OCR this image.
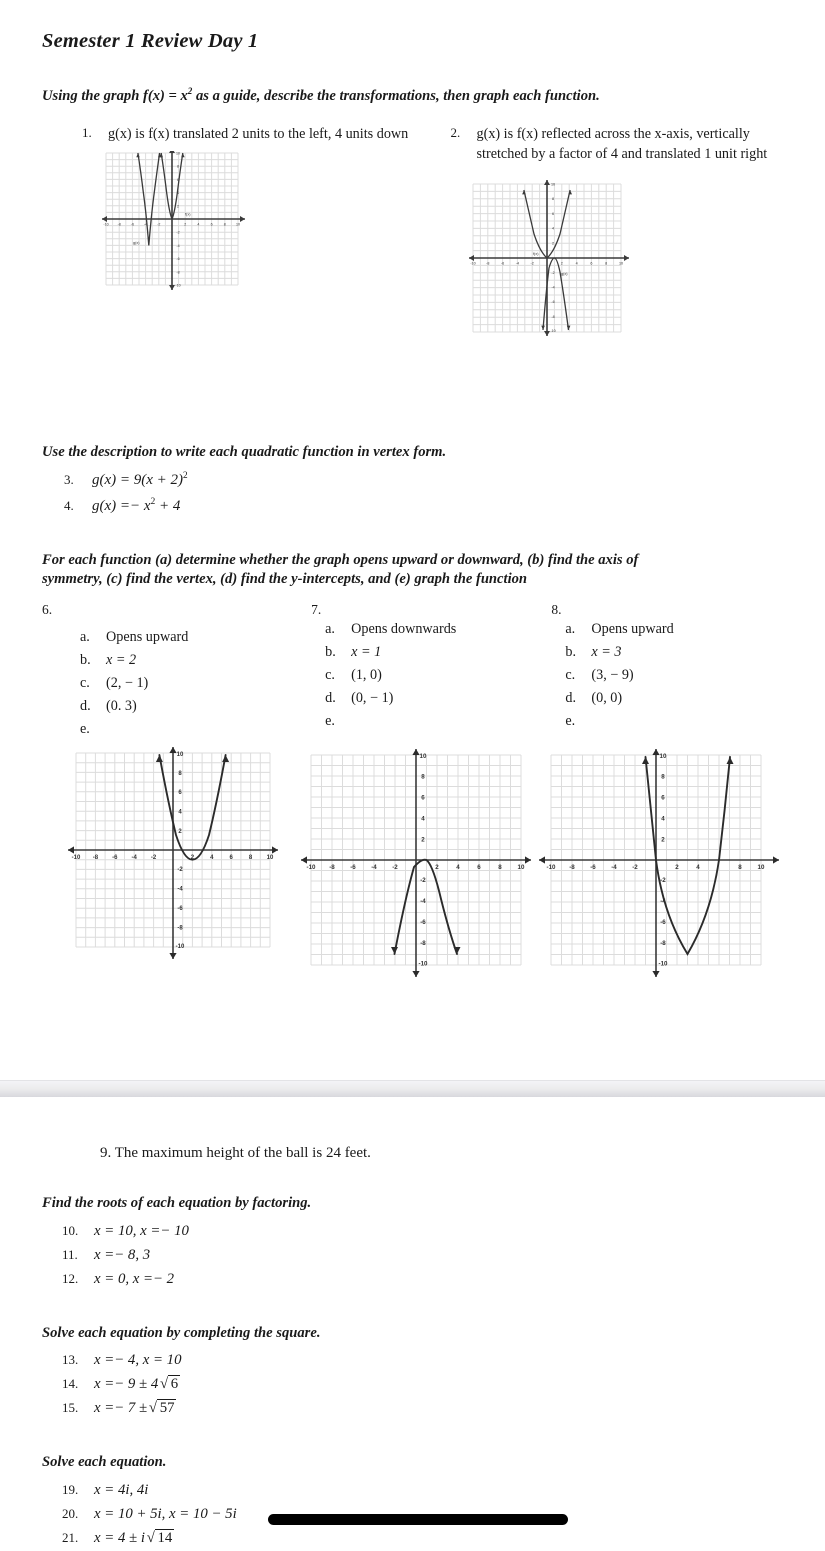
Semester 1 Review Day 1

Using the graph $f(x) = x^2$ as a guide, describe the transformations, then graph each function.

1.	g(x) is f(x) translated 2 units to the left, 4 units down
-10 -8	-6	-4	-2	2	4	6	8	10
10
8
6
4
2
-2
-4
-6
-8
-10
f(x)
g(x)
2.	g(x) is f(x) reflected across the x-axis, vertically stretched by a factor of 4 and translated 1 unit right
-10	-8	-6	-4	-2	2	4	6	8	10
10
8
6
4
2
-2
-4
-6
-8
-10
f(x)
g(x)

Use the description to write each quadratic function in vertex form.

3.	$g(x) = 9(x + 2)^2$
4.	$g(x) =- x^2 + 4$

For each function (a) determine whether the graph opens upward or downward, (b) find the axis of

symmetry, (c) find the vertex, (d) find the y-intercepts, and (e) graph the function

6.
a.	Opens upward
b.	x = 2
c.	(2, − 1)
d.	(0. 3)
e.
-10 -8 -6 -4 -2	2	4	6	8 10
10
8
6
4
2
-2
-4
-6
-8
-10
7.
a.	Opens downwards
b.	x = 1
c.	(1, 0)
d.	(0, − 1)
e.
-10 -8 -6 -4 -2	2	4	6	8	10
10
8
6
4
2
-2
-4
-6
-8
-10
8.
a.	Opens upward
b.	x = 3
c.	(3, − 9)
d.	(0, 0)
e.
-10 -8 -6 -4 -2	2	4	8	10
10
8
6
4
2
-2
-4
-6
-8
-10
9. The maximum height of the ball is 24 feet.

Find the roots of each equation by factoring.

10.	x = 10, x =− 10
11.	x =− 8, 3
12.	x = 0, x =− 2

Solve each equation by completing the square.

13.	x =− 4, x = 10
14.	x =− 9 ± 4 √ 6
15.	x =− 7 ± √ 57

Solve each equation.

19.	x = 4i, 4i
20.	x = 10 + 5i, x = 10 − 5i
21.	x = 4 ± i √ 14
